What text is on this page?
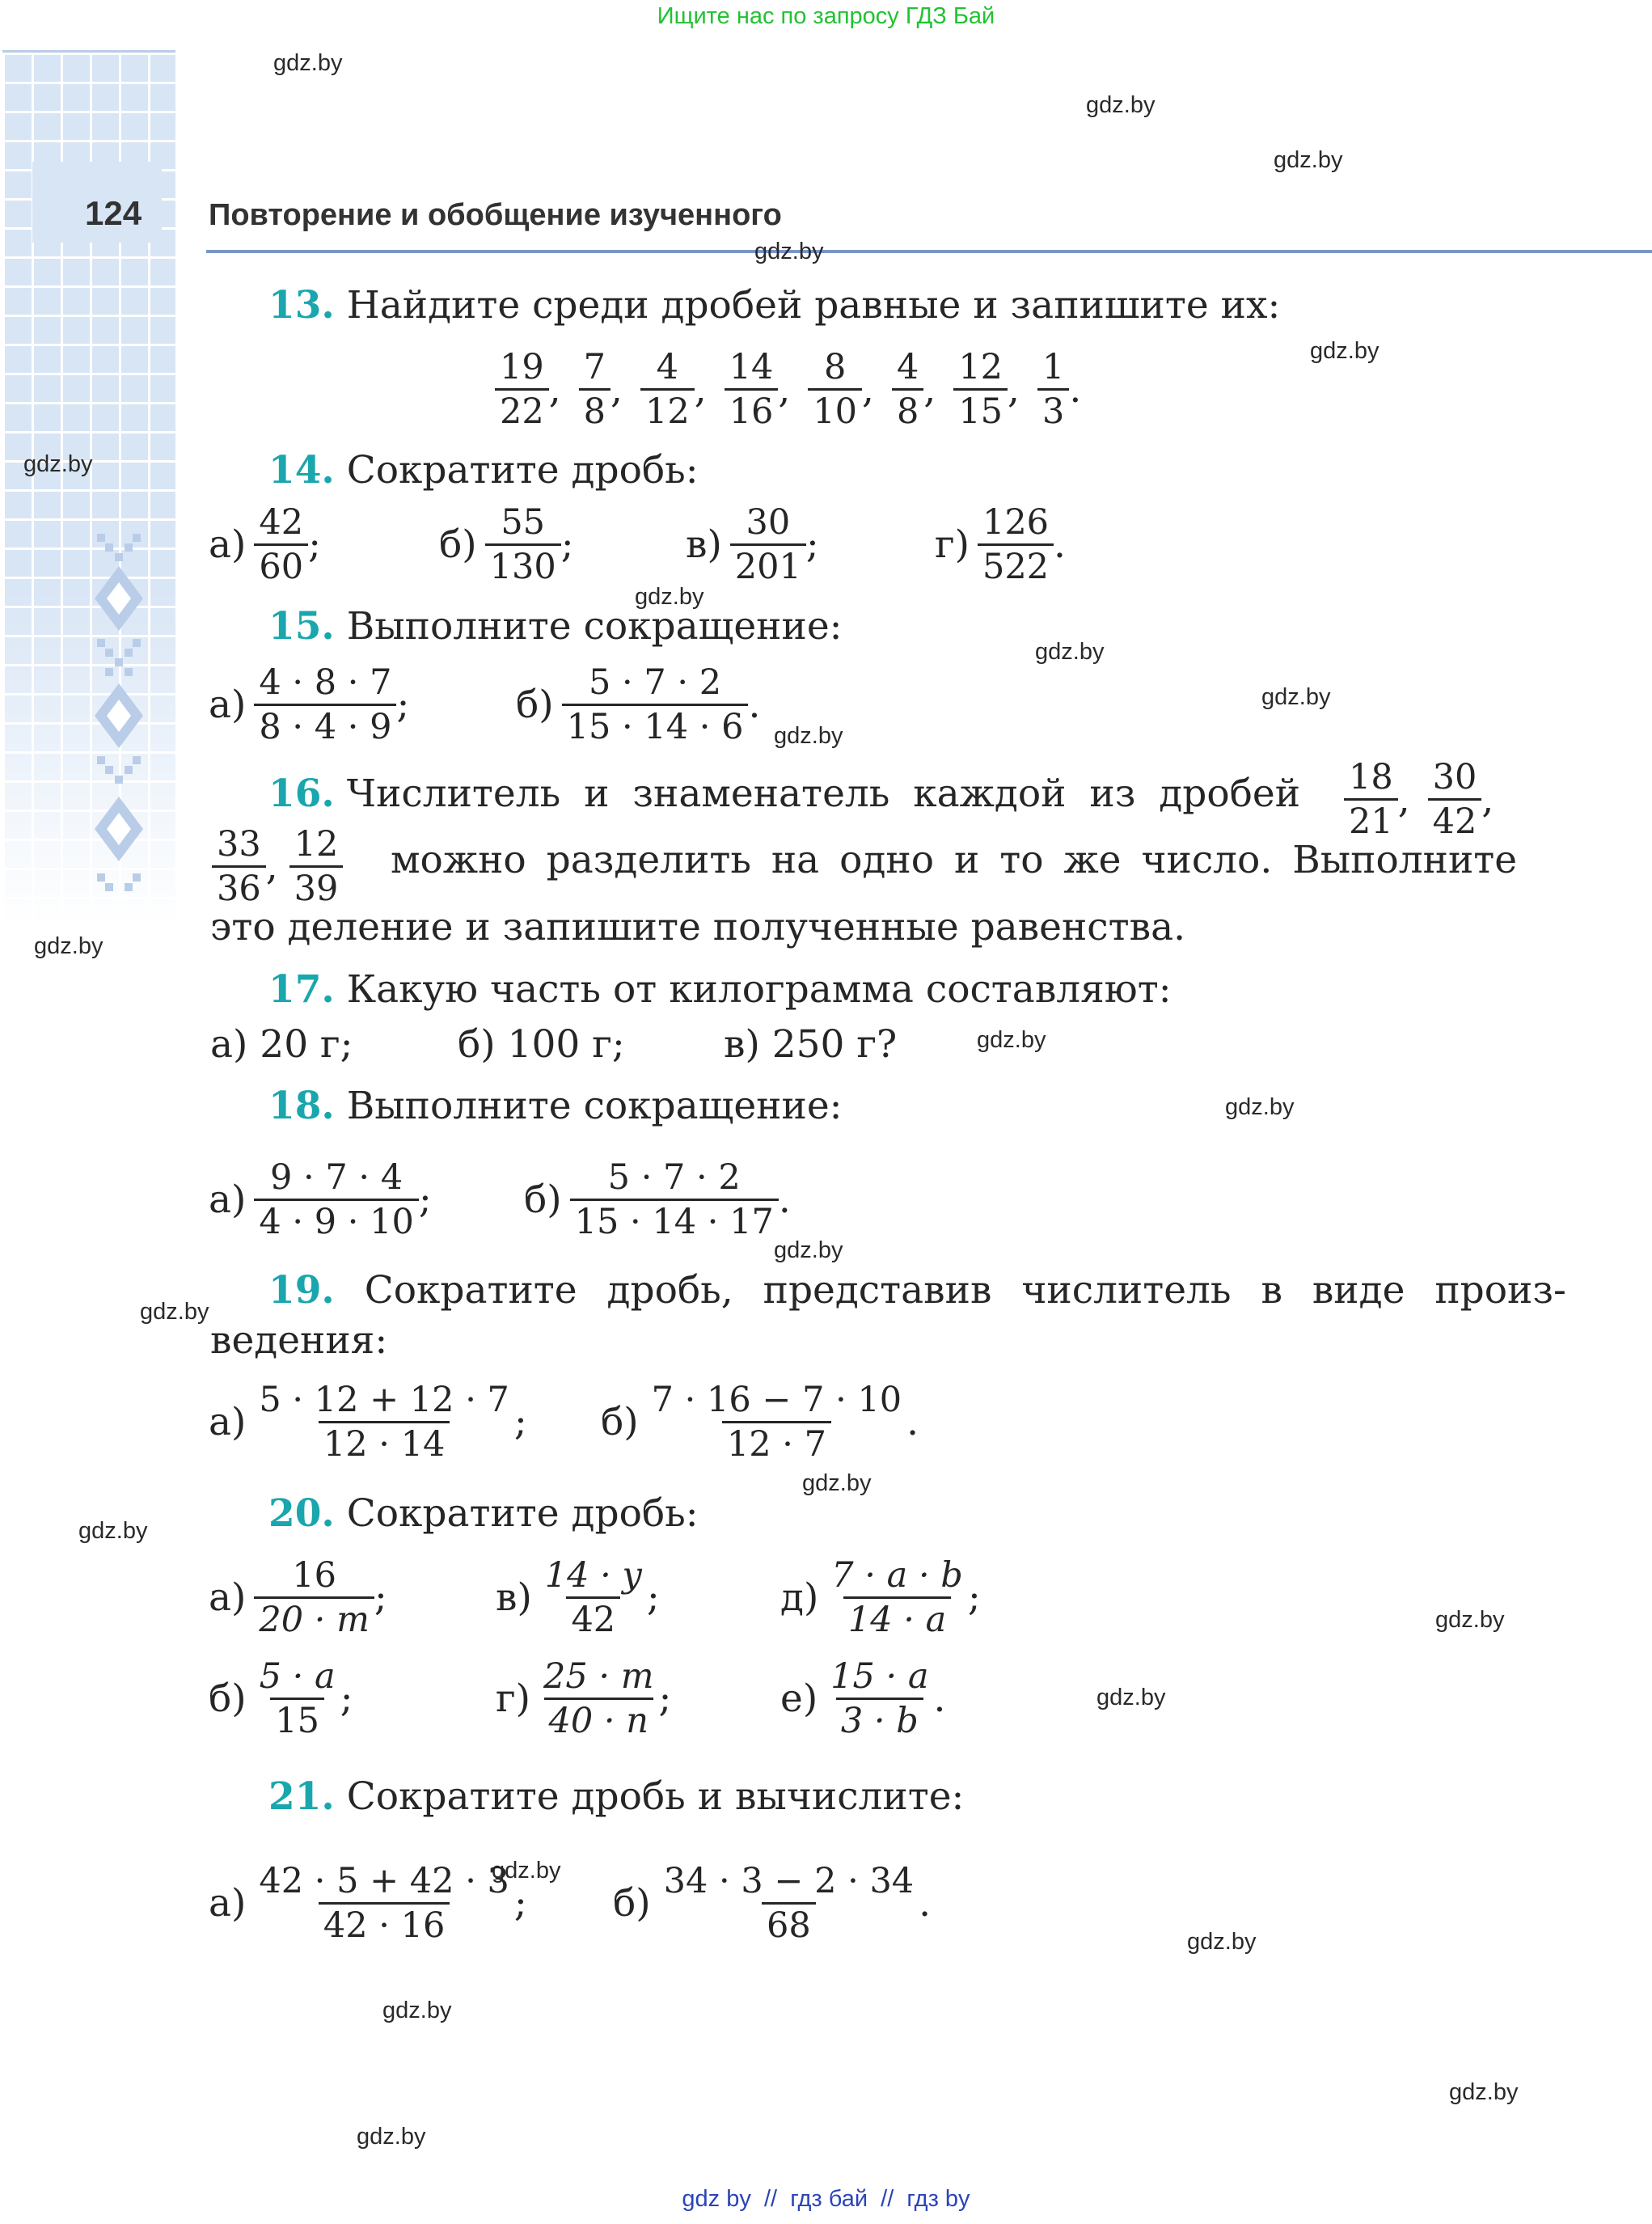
Ищите нас по запросу ГДЗ Бай
124 Повторение и обобщение изученного
gdz.by
gdz.by
gdz.by
gdz.by
gdz.by
gdz.by
gdz.by
gdz.by
gdz.by
gdz.by
gdz.by
gdz.by
gdz.by
gdz.by
gdz.by
gdz.by
gdz.by
gdz.by
gdz.by
gdz.by
gdz.by
gdz.by
gdz.by
gdz.by
13. Найдите среди дробей равные и запишите их:
$\frac{19}{22}$ , $\frac{7}{8}$ , $\frac{4}{12}$ , $\frac{14}{16}$ , $\frac{8}{10}$ , $\frac{4}{8}$ , $\frac{12}{15}$ , $\frac{1}{3}$ .
14. Сократите дробь:
$а) \frac{42}{60}$ ;	$б) \frac{55}{130}$ ;	$в) \frac{30}{201}$ ;	$г) \frac{126}{522}$ .
15. Выполните сокращение:
$а) \frac{4 \cdot 8 \cdot 7}{8 \cdot 4 \cdot 9}$ ;	$б) \frac{5 \cdot 7 \cdot 2}{15 \cdot 14 \cdot 6}$ .
16. Числитель и знаменатель каждой из дробей $\frac{18}{21}$ , $\frac{30}{42}$ ,
$\frac{33}{36}$ , $\frac{12}{39}$ можно разделить на одно и то же число. Выполните
это деление и запишите полученные равенства.
17. Какую часть от килограмма составляют:
а) 20 г;	б) 100 г;	в) 250 г?
18. Выполните сокращение:
$а) \frac{9 \cdot 7 \cdot 4}{4 \cdot 9 \cdot 10}$ ; $б) \frac{5 \cdot 7 \cdot 2}{15 \cdot 14 \cdot 17}$ .
19. Сократите дробь, представив числитель в виде произ-
ведения:
$а) \frac{5 \cdot 12 + 12 \cdot 7}{12 \cdot 14}$ ; $б) \frac{7 \cdot 16 - 7 \cdot 10}{12 \cdot 7}$ .
20. Сократите дробь:
$а) \frac{16}{20 \cdot m}$ ;	$в) \frac{14 \cdot y}{42}$ ;	$д) \frac{7 \cdot a \cdot b}{14 \cdot a}$ ;
$б) \frac{5 \cdot a}{15}$ ;	$г) \frac{25 \cdot m}{40 \cdot n}$ ;	$е) \frac{15 \cdot a}{3 \cdot b}$ .
21. Сократите дробь и вычислите:
$а) \frac{42 \cdot 5 + 42 \cdot 3}{42 \cdot 16}$ ; $б) \frac{34 \cdot 3 - 2 \cdot 34}{68}$ .
gdz by  //  гдз бай  //  гдз by
